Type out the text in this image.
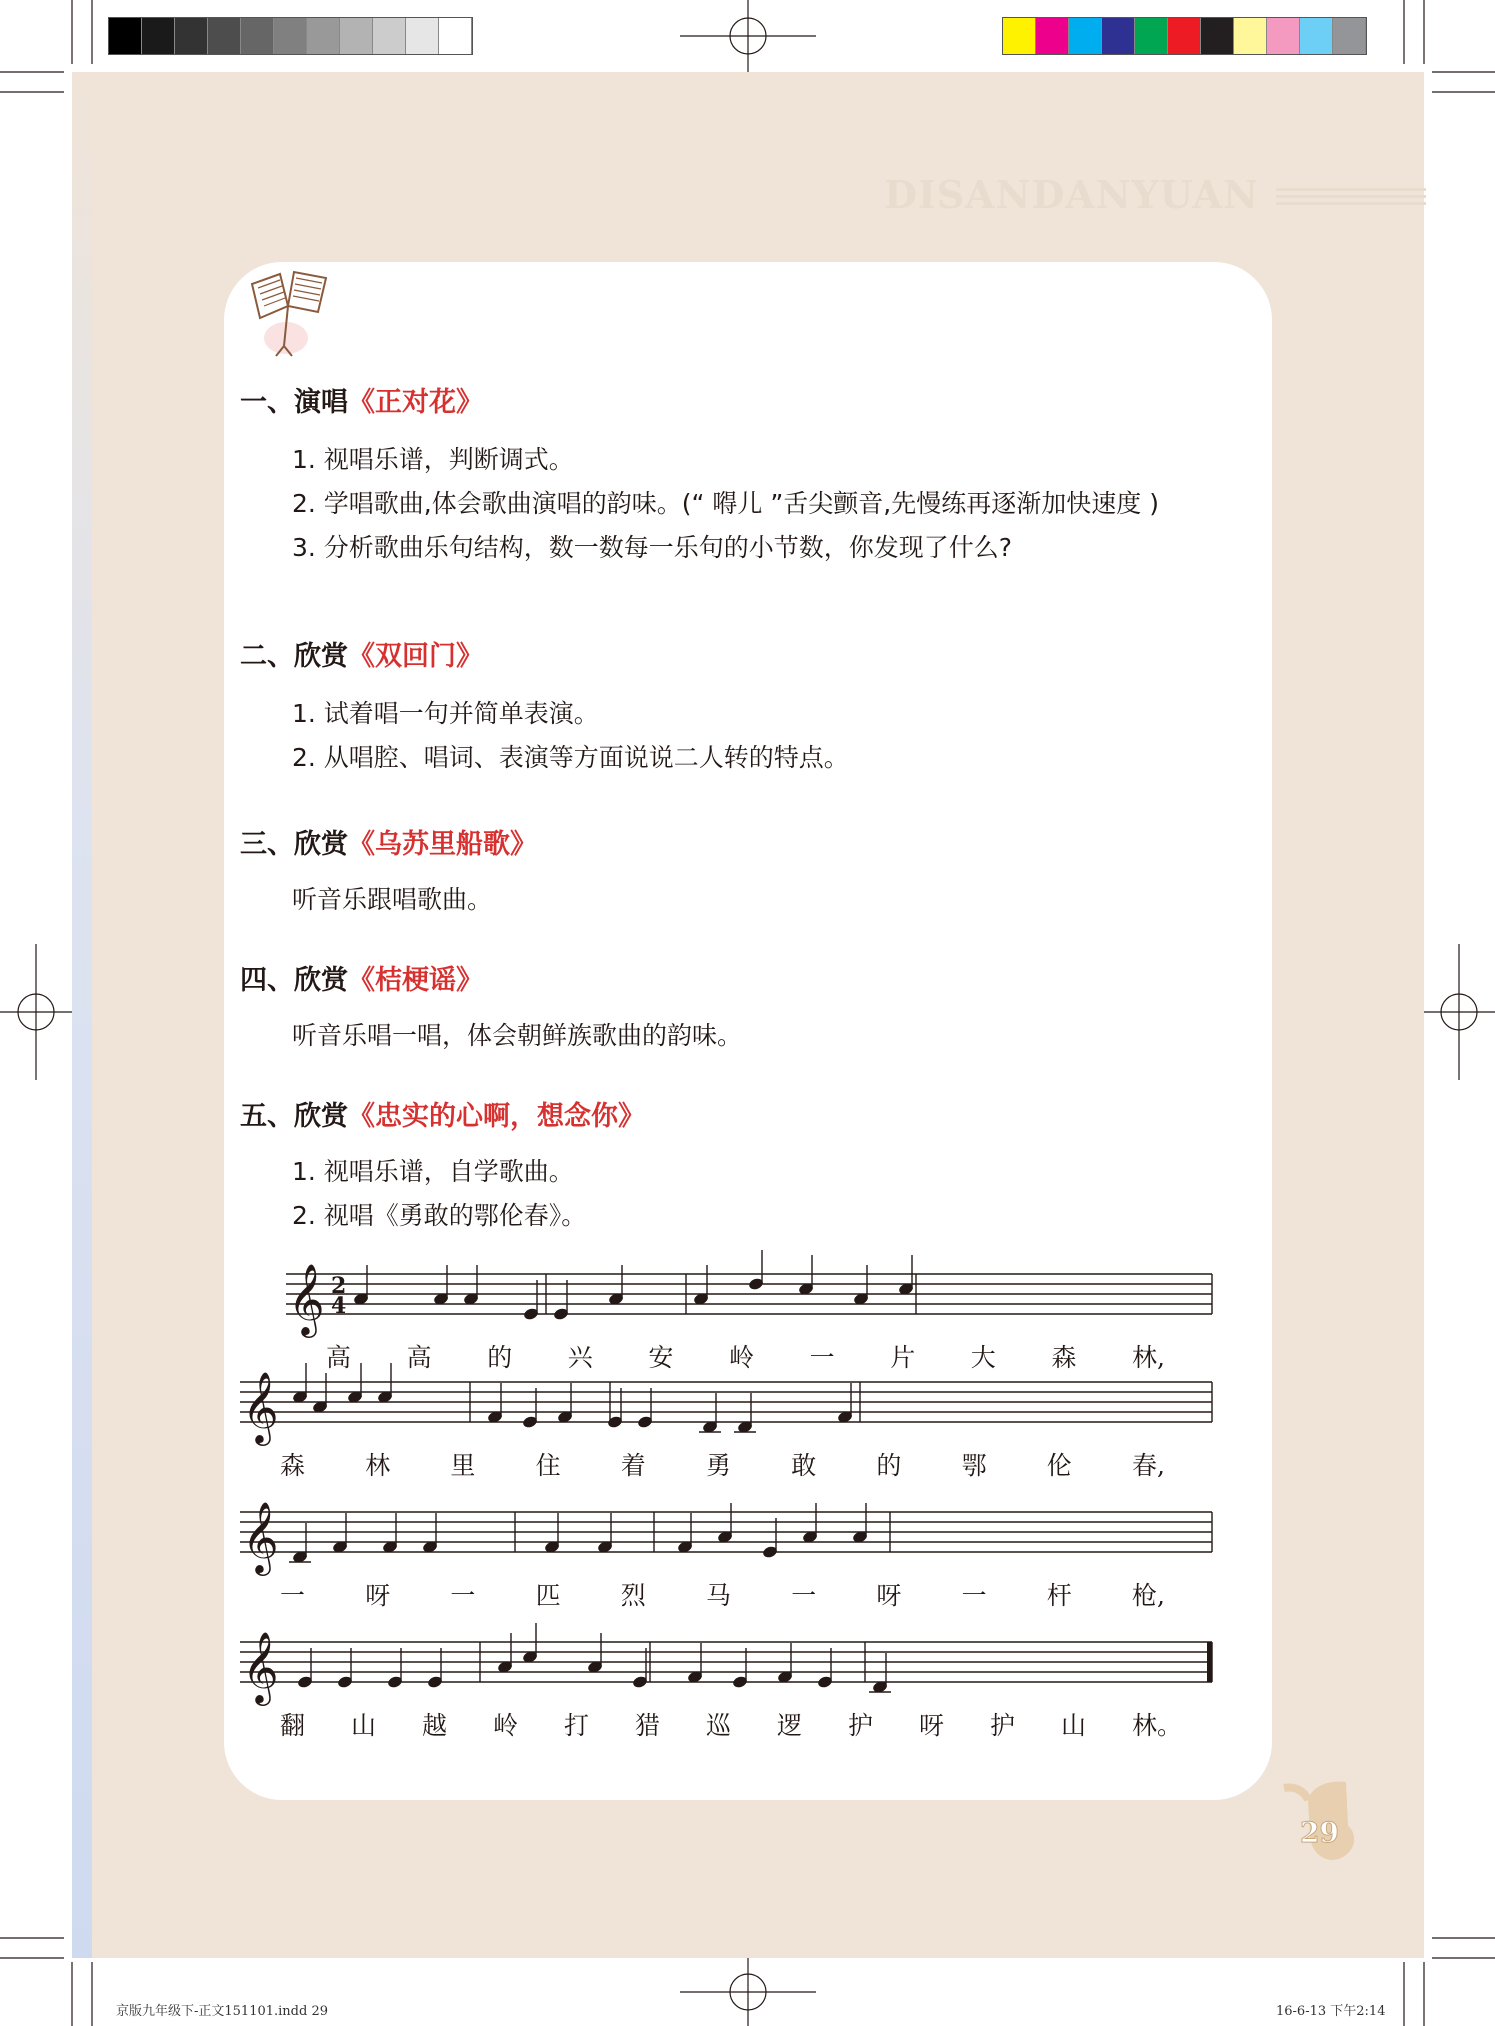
DISANDANYUAN
一、演唱《正对花》
1. 视唱乐谱，判断调式。
2. 学唱歌曲,体会歌曲演唱的韵味。(“ 嘚儿 ”舌尖颤音,先慢练再逐渐加快速度 )
3. 分析歌曲乐句结构，数一数每一乐句的小节数，你发现了什么?
二、欣赏《双回门》
1. 试着唱一句并简单表演。
2. 从唱腔、唱词、表演等方面说说二人转的特点。
三、欣赏《乌苏里船歌》
听音乐跟唱歌曲。
四、欣赏《桔梗谣》
听音乐唱一唱，体会朝鲜族歌曲的韵味。
五、欣赏《忠实的心啊，想念你》
1. 视唱乐谱，自学歌曲。
2. 视唱《勇敢的鄂伦春》。
𝄞 2
4
高 高 的 兴 安 岭 一 片 大 森 林,
𝄞
森 林 里 住 着 勇 敢 的 鄂 伦 春,
𝄞
一 呀 一 匹 烈 马 一 呀 一 杆 枪,
𝄞
翻 山 越 岭 打 猎 巡 逻 护 呀 护 山 林。
29
京版九年级下-正文151101.indd 29	16-6-13 下午2:14
